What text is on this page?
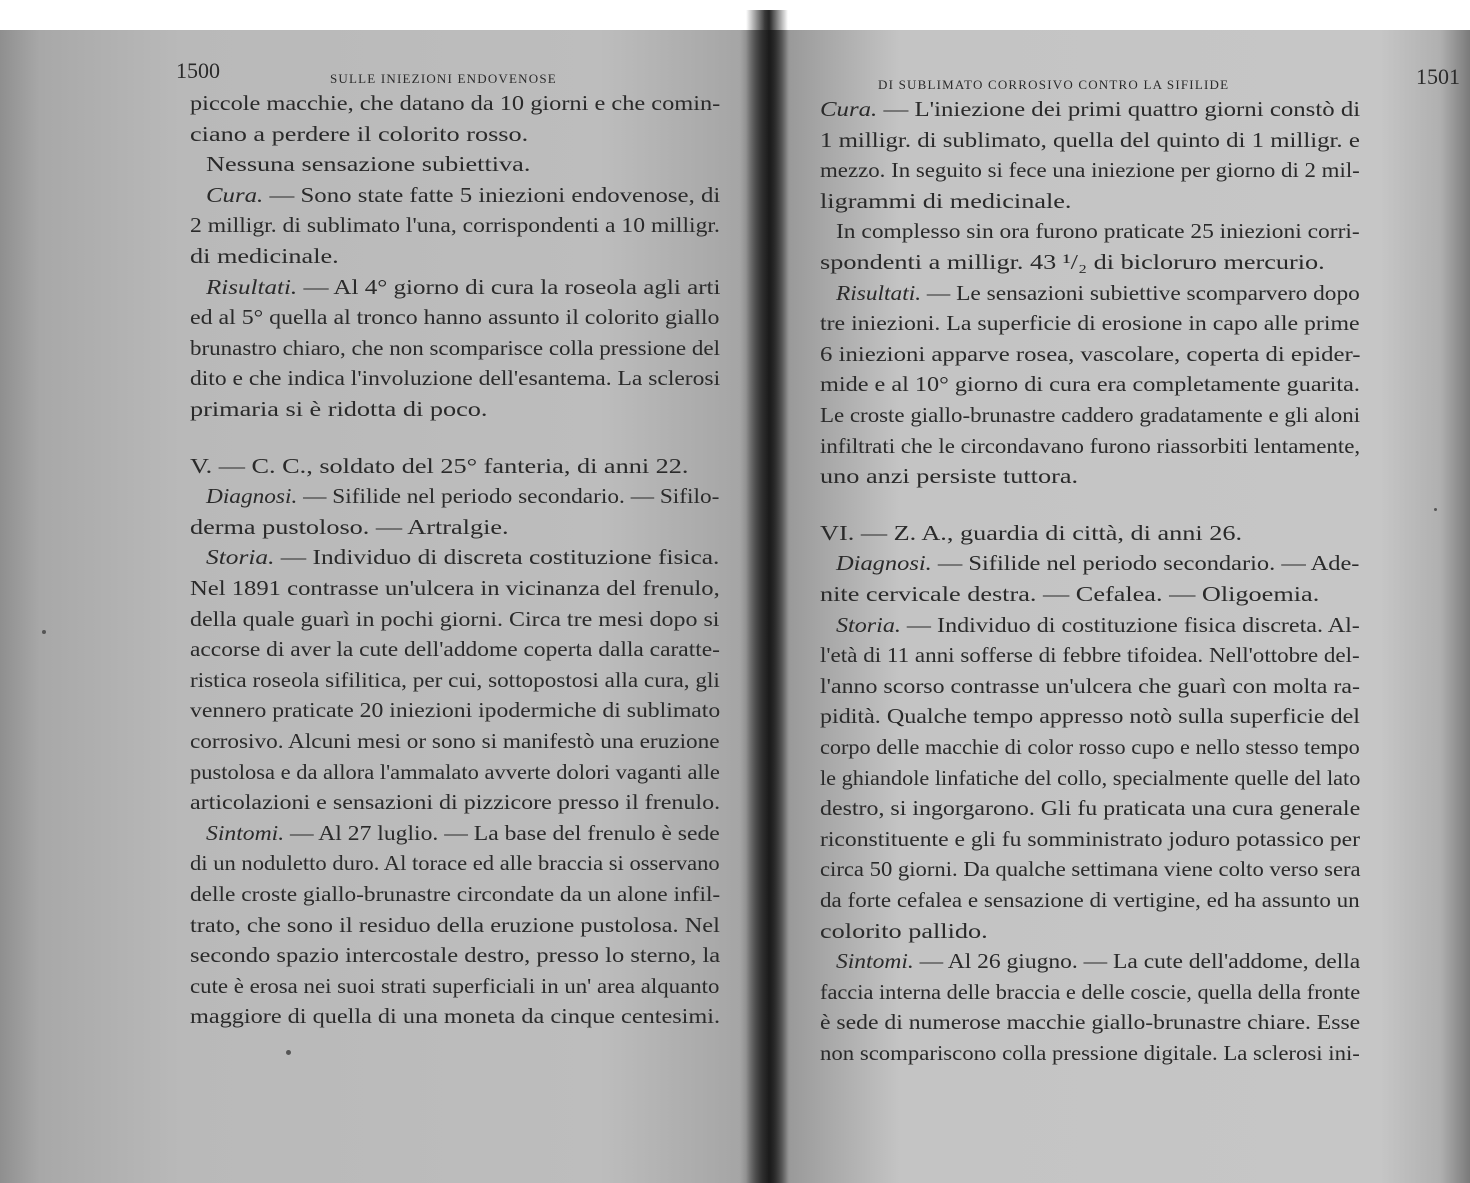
1500	SULLE INIEZIONI ENDOVENOSE
piccole macchie, che datano da 10 giorni e che comin-
ciano a perdere il colorito rosso.
Nessuna sensazione subiettiva.
Cura. — Sono state fatte 5 iniezioni endovenose, di
2 milligr. di sublimato l'una, corrispondenti a 10 milligr.
di medicinale.
Risultati. — Al 4° giorno di cura la roseola agli arti
ed al 5° quella al tronco hanno assunto il colorito giallo
brunastro chiaro, che non scomparisce colla pressione del
dito e che indica l'involuzione dell'esantema. La sclerosi
primaria si è ridotta di poco.
V. — C. C., soldato del 25° fanteria, di anni 22.
Diagnosi. — Sifilide nel periodo secondario. — Sifilo-
derma pustoloso. — Artralgie.
Storia. — Individuo di discreta costituzione fisica.
Nel 1891 contrasse un'ulcera in vicinanza del frenulo,
della quale guarì in pochi giorni. Circa tre mesi dopo si
accorse di aver la cute dell'addome coperta dalla caratte-
ristica roseola sifilitica, per cui, sottopostosi alla cura, gli
vennero praticate 20 iniezioni ipodermiche di sublimato
corrosivo. Alcuni mesi or sono si manifestò una eruzione
pustolosa e da allora l'ammalato avverte dolori vaganti alle
articolazioni e sensazioni di pizzicore presso il frenulo.
Sintomi. — Al 27 luglio. — La base del frenulo è sede
di un noduletto duro. Al torace ed alle braccia si osservano
delle croste giallo-brunastre circondate da un alone infil-
trato, che sono il residuo della eruzione pustolosa. Nel
secondo spazio intercostale destro, presso lo sterno, la
cute è erosa nei suoi strati superficiali in un' area alquanto
maggiore di quella di una moneta da cinque centesimi.
DI SUBLIMATO CORROSIVO CONTRO LA SIFILIDE	1501
Cura. — L'iniezione dei primi quattro giorni constò di
1 milligr. di sublimato, quella del quinto di 1 milligr. e
mezzo. In seguito si fece una iniezione per giorno di 2 mil-
ligrammi di medicinale.
In complesso sin ora furono praticate 25 iniezioni corri-
spondenti a milligr. 43 ¹/₂ di bicloruro mercurio.
Risultati. — Le sensazioni subiettive scomparvero dopo
tre iniezioni. La superficie di erosione in capo alle prime
6 iniezioni apparve rosea, vascolare, coperta di epider-
mide e al 10° giorno di cura era completamente guarita.
Le croste giallo-brunastre caddero gradatamente e gli aloni
infiltrati che le circondavano furono riassorbiti lentamente,
uno anzi persiste tuttora.
VI. — Z. A., guardia di città, di anni 26.
Diagnosi. — Sifilide nel periodo secondario. — Ade-
nite cervicale destra. — Cefalea. — Oligoemia.
Storia. — Individuo di costituzione fisica discreta. Al-
l'età di 11 anni sofferse di febbre tifoidea. Nell'ottobre del-
l'anno scorso contrasse un'ulcera che guarì con molta ra-
pidità. Qualche tempo appresso notò sulla superficie del
corpo delle macchie di color rosso cupo e nello stesso tempo
le ghiandole linfatiche del collo, specialmente quelle del lato
destro, si ingorgarono. Gli fu praticata una cura generale
riconstituente e gli fu somministrato joduro potassico per
circa 50 giorni. Da qualche settimana viene colto verso sera
da forte cefalea e sensazione di vertigine, ed ha assunto un
colorito pallido.
Sintomi. — Al 26 giugno. — La cute dell'addome, della
faccia interna delle braccia e delle coscie, quella della fronte
è sede di numerose macchie giallo-brunastre chiare. Esse
non scompariscono colla pressione digitale. La sclerosi ini-
